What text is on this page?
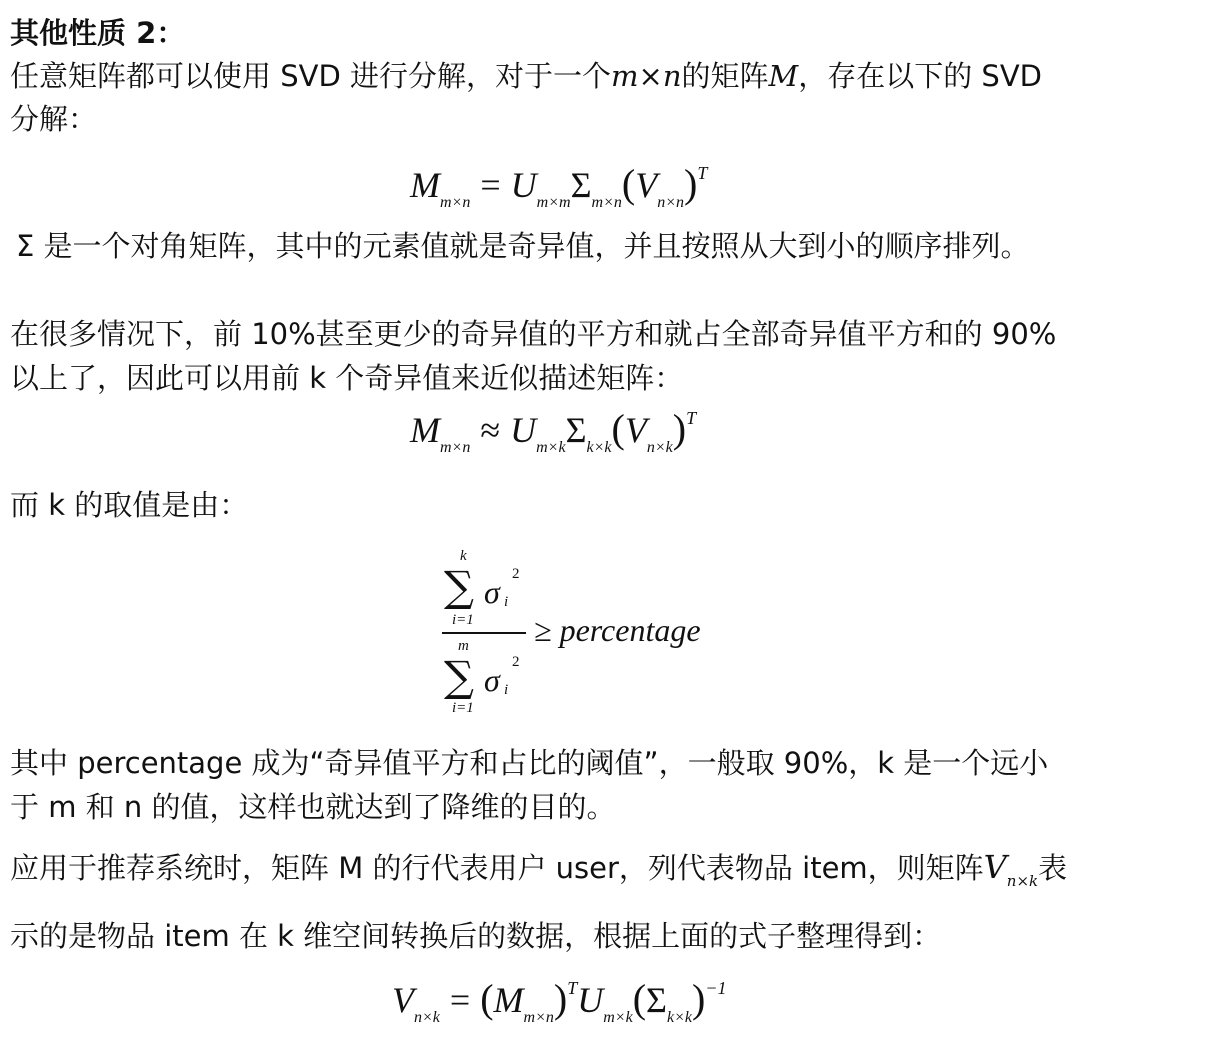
其他性质 2：
任意矩阵都可以使用 SVD 进行分解，对于一个m×n的矩阵M，存在以下的 SVD
分解：
$M_{m\times n} = U_{m\times m}\Sigma_{m\times n}(V_{n\times n})^T$
Σ 是一个对角矩阵，其中的元素值就是奇异值，并且按照从大到小的顺序排列。
在很多情况下，前 10%甚至更少的奇异值的平方和就占全部奇异值平方和的 90%
以上了，因此可以用前 k 个奇异值来近似描述矩阵：
$M_{m\times n} \approx U_{m\times k}\Sigma_{k\times k}(V_{n\times k})^T$
而 k 的取值是由：
k
∑
i=1
σ i
2
m
∑
i=1
σ i
2
≥ percentage
其中 percentage 成为“奇异值平方和占比的阈值”，一般取 90%，k 是一个远小
于 m 和 n 的值，这样也就达到了降维的目的。
应用于推荐系统时，矩阵 M 的行代表用户 user，列代表物品 item，则矩阵$V_{n\times k}$表
示的是物品 item 在 k 维空间转换后的数据，根据上面的式子整理得到：
$V_{n\times k} = (M_{m\times n})^TU_{m\times k}(\Sigma_{k\times k})^{-1}$
